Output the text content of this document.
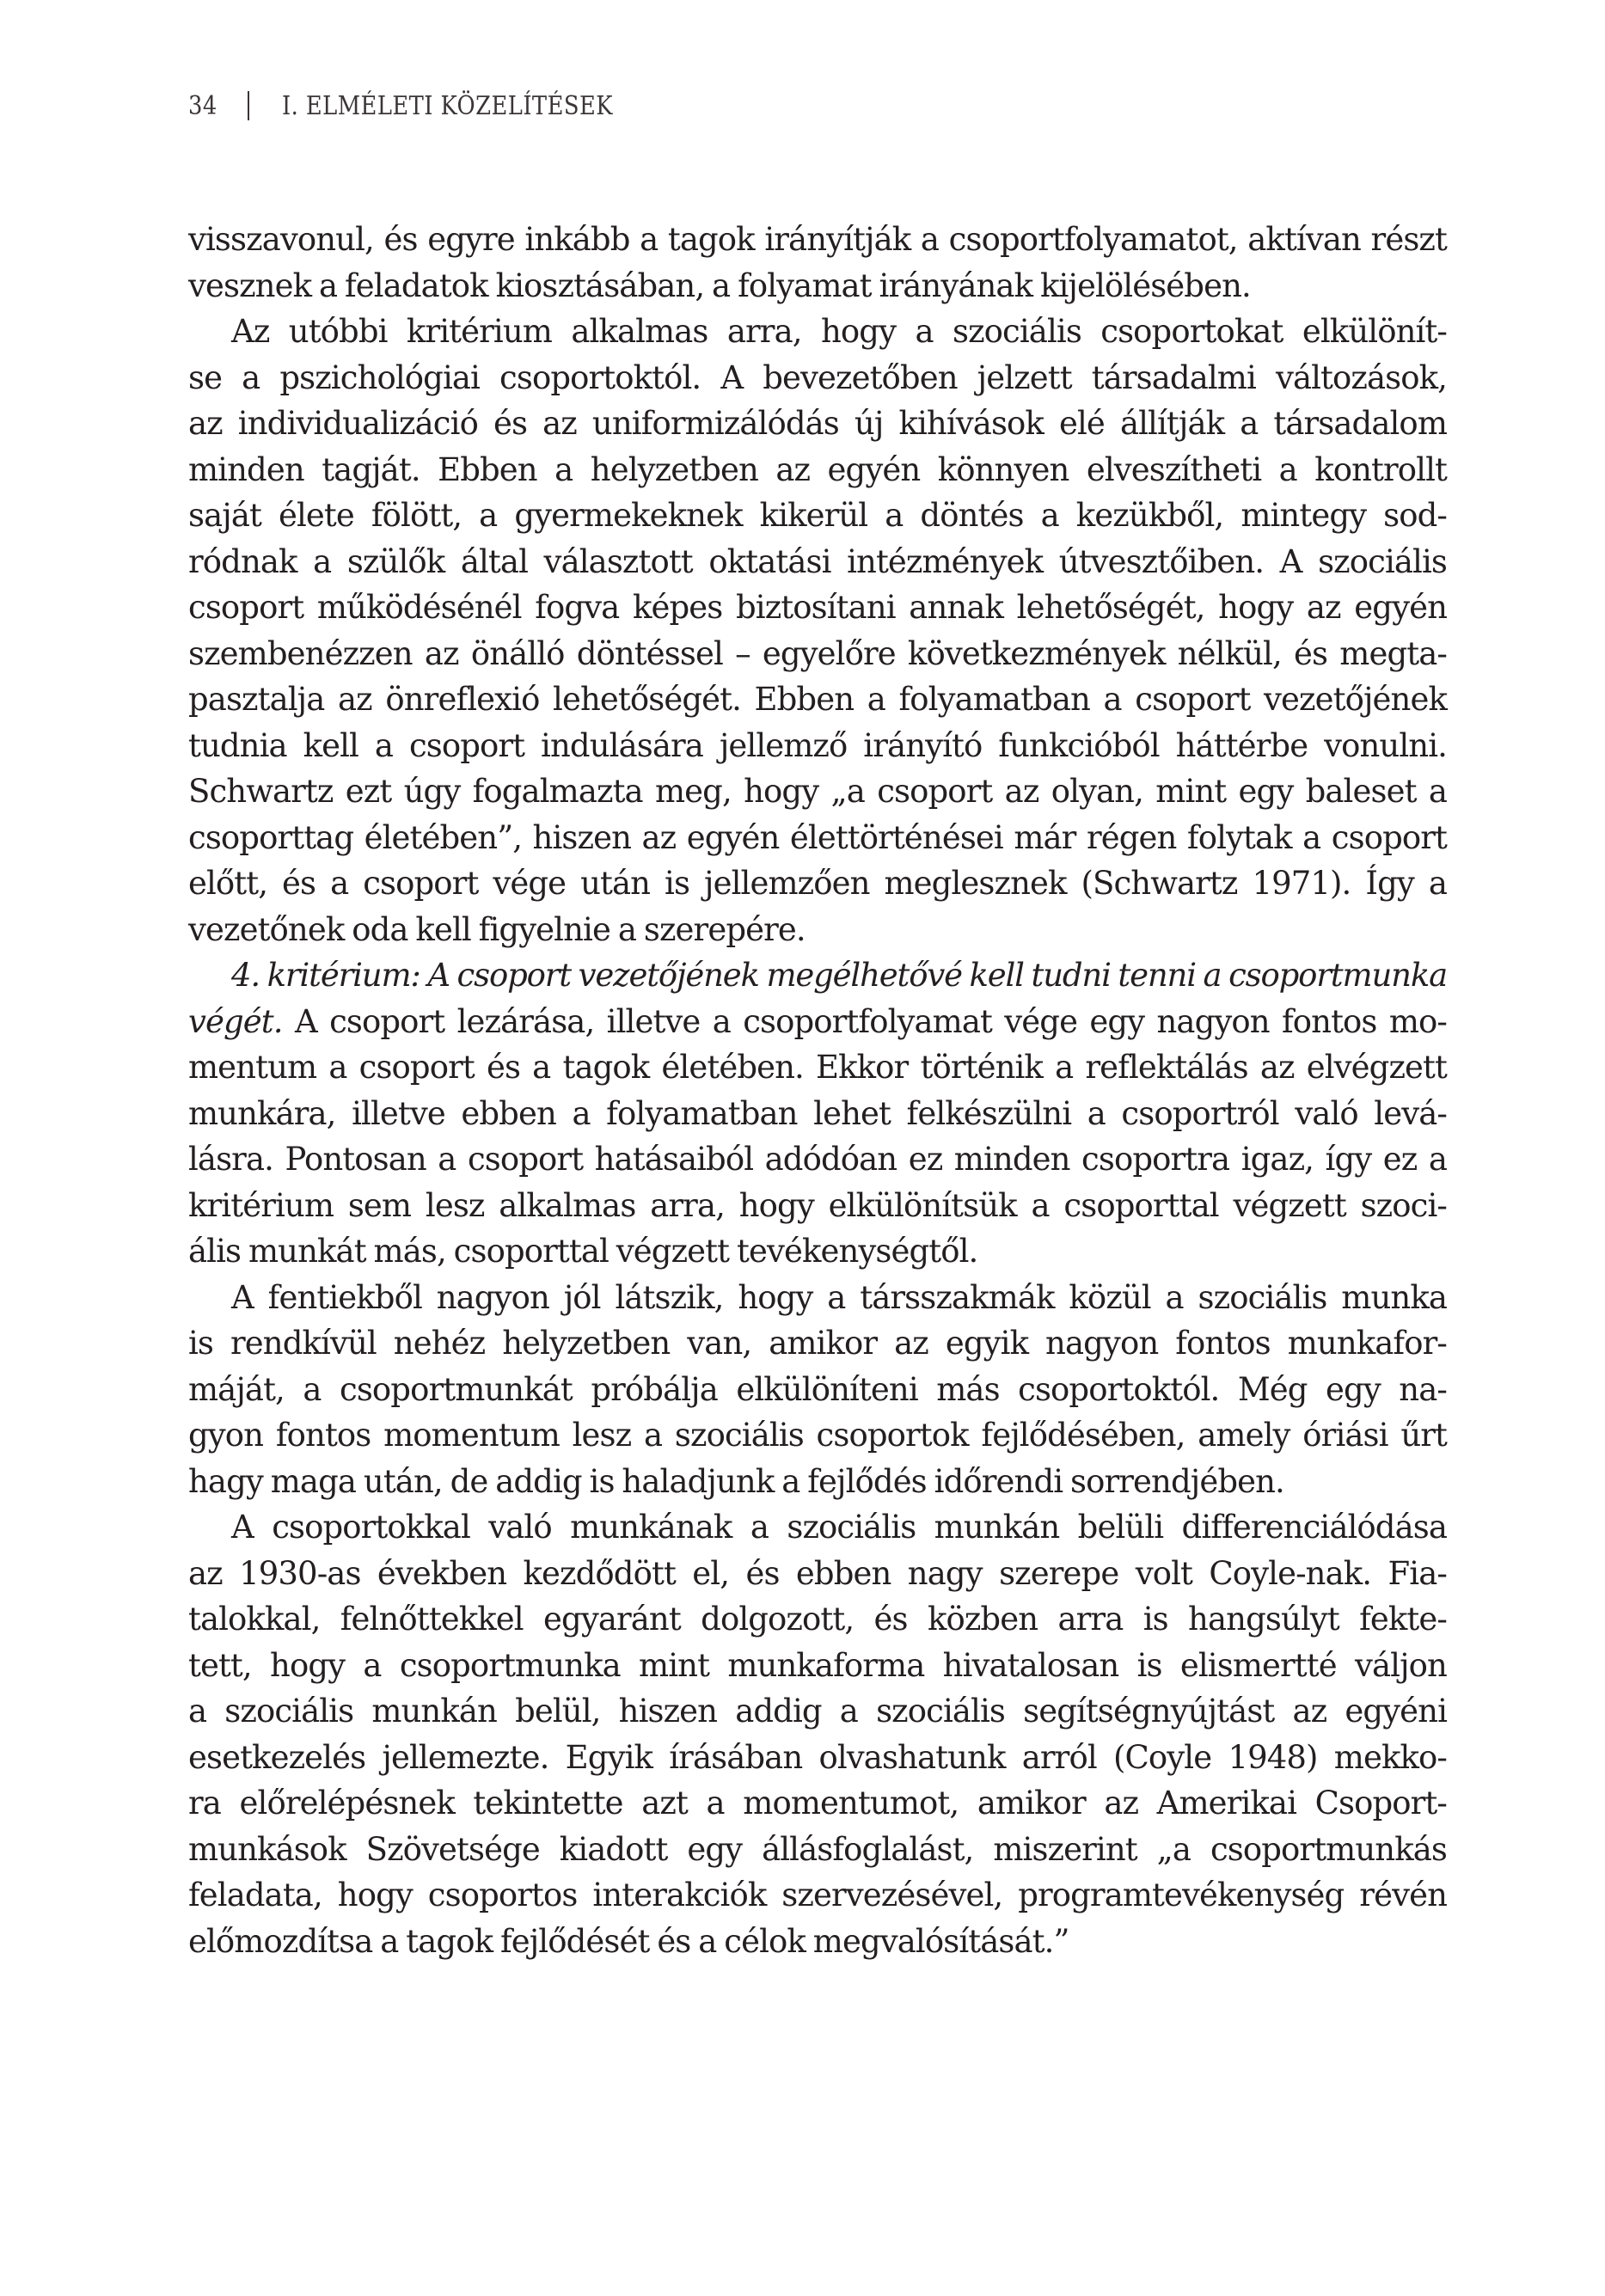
34	I. ELMÉLETI KÖZELÍTÉSEK
visszavonul, és egyre inkább a tagok irányítják a csoportfolyamatot, aktívan részt
vesznek a feladatok kiosztásában, a folyamat irányának kijelölésében.
Az utóbbi kritérium alkalmas arra, hogy a szociális csoportokat elkülönít-
se a pszichológiai csoportoktól. A bevezetőben jelzett társadalmi változások,
az individualizáció és az uniformizálódás új kihívások elé állítják a társadalom
minden tagját. Ebben a helyzetben az egyén könnyen elveszítheti a kontrollt
saját élete fölött, a gyermekeknek kikerül a döntés a kezükből, mintegy sod-
ródnak a szülők által választott oktatási intézmények útvesztőiben. A szociális
csoport működésénél fogva képes biztosítani annak lehetőségét, hogy az egyén
szembenézzen az önálló döntéssel – egyelőre következmények nélkül, és megta-
pasztalja az önreflexió lehetőségét. Ebben a folyamatban a csoport vezetőjének
tudnia kell a csoport indulására jellemző irányító funkcióból háttérbe vonulni.
Schwartz ezt úgy fogalmazta meg, hogy „a csoport az olyan, mint egy baleset a
csoporttag életében”, hiszen az egyén élettörténései már régen folytak a csoport
előtt, és a csoport vége után is jellemzően meglesznek (Schwartz 1971). Így a
vezetőnek oda kell figyelnie a szerepére.
4. kritérium: A csoport vezetőjének megélhetővé kell tudni tenni a csoportmunka
végét. A csoport lezárása, illetve a csoportfolyamat vége egy nagyon fontos mo-
mentum a csoport és a tagok életében. Ekkor történik a reflektálás az elvégzett
munkára, illetve ebben a folyamatban lehet felkészülni a csoportról való levá-
lásra. Pontosan a csoport hatásaiból adódóan ez minden csoportra igaz, így ez a
kritérium sem lesz alkalmas arra, hogy elkülönítsük a csoporttal végzett szoci-
ális munkát más, csoporttal végzett tevékenységtől.
A fentiekből nagyon jól látszik, hogy a társszakmák közül a szociális munka
is rendkívül nehéz helyzetben van, amikor az egyik nagyon fontos munkafor-
máját, a csoportmunkát próbálja elkülöníteni más csoportoktól. Még egy na-
gyon fontos momentum lesz a szociális csoportok fejlődésében, amely óriási űrt
hagy maga után, de addig is haladjunk a fejlődés időrendi sorrendjében.
A csoportokkal való munkának a szociális munkán belüli differenciálódása
az 1930-as években kezdődött el, és ebben nagy szerepe volt Coyle-nak. Fia-
talokkal, felnőttekkel egyaránt dolgozott, és közben arra is hangsúlyt fekte-
tett, hogy a csoportmunka mint munkaforma hivatalosan is elismertté váljon
a szociális munkán belül, hiszen addig a szociális segítségnyújtást az egyéni
esetkezelés jellemezte. Egyik írásában olvashatunk arról (Coyle 1948) mekko-
ra előrelépésnek tekintette azt a momentumot, amikor az Amerikai Csoport-
munkások Szövetsége kiadott egy állásfoglalást, miszerint „a csoportmunkás
feladata, hogy csoportos interakciók szervezésével, programtevékenység révén
előmozdítsa a tagok fejlődését és a célok megvalósítását.”
